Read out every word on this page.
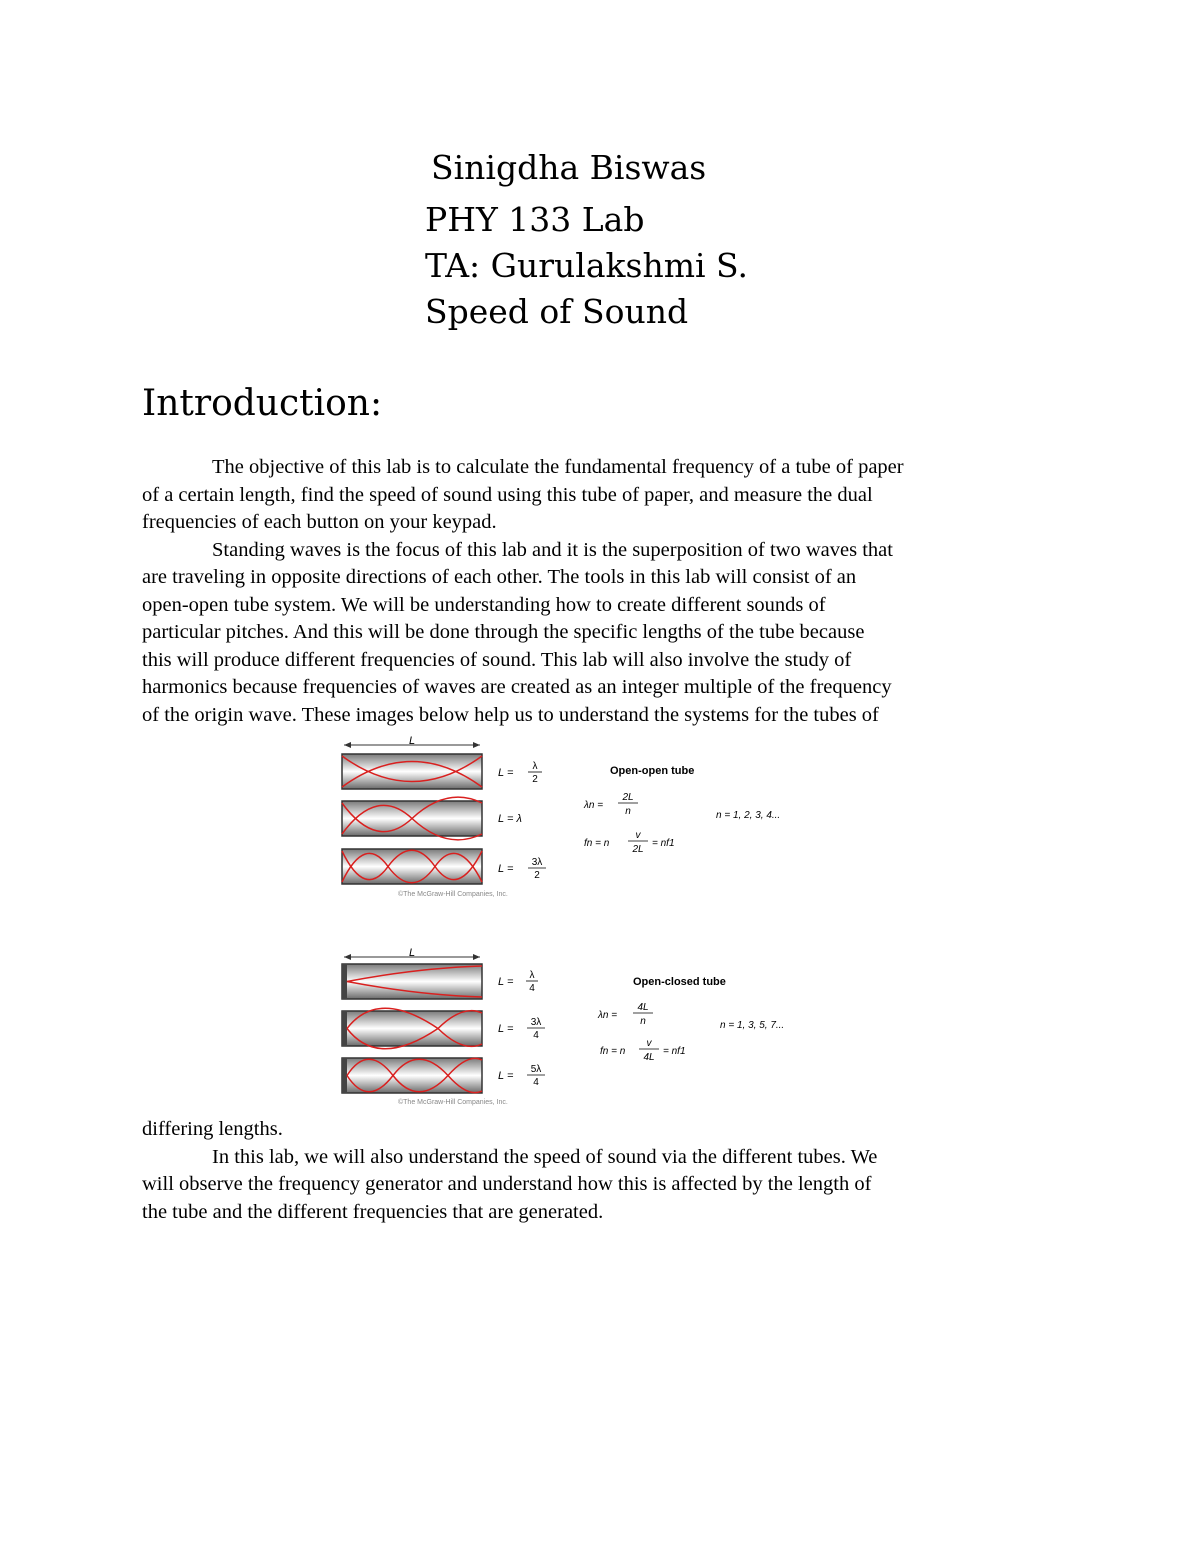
Sinigdha Biswas
PHY 133 Lab
TA: Gurulakshmi S.
Speed of Sound
Introduction:
The objective of this lab is to calculate the fundamental frequency of a tube of paper
of a certain length, find the speed of sound using this tube of paper, and measure the dual
frequencies of each button on your keypad.
Standing waves is the focus of this lab and it is the superposition of two waves that
are traveling in opposite directions of each other. The tools in this lab will consist of an
open-open tube system. We will be understanding how to create different sounds of
particular pitches. And this will be done through the specific lengths of the tube because
this will produce different frequencies of sound. This lab will also involve the study of
harmonics because frequencies of waves are created as an integer multiple of the frequency
of the origin wave. These images below help us to understand the systems for the tubes of
L
©The McGraw-Hill Companies, Inc.
L =
λ
2
L = λ
L =
3λ
2
Open-open tube
λn =
2L
n	n = 1, 2, 3, 4...
fn = n
v
2L
= nf1
L
©The McGraw-Hill Companies, Inc.
L =
λ
4
L =
3λ
4
L =
5λ
4
Open-closed tube
λn =
4L
n	n = 1, 3, 5, 7...
fn = n
v
4L
= nf1
differing lengths.
In this lab, we will also understand the speed of sound via the different tubes. We
will observe the frequency generator and understand how this is affected by the length of
the tube and the different frequencies that are generated.
